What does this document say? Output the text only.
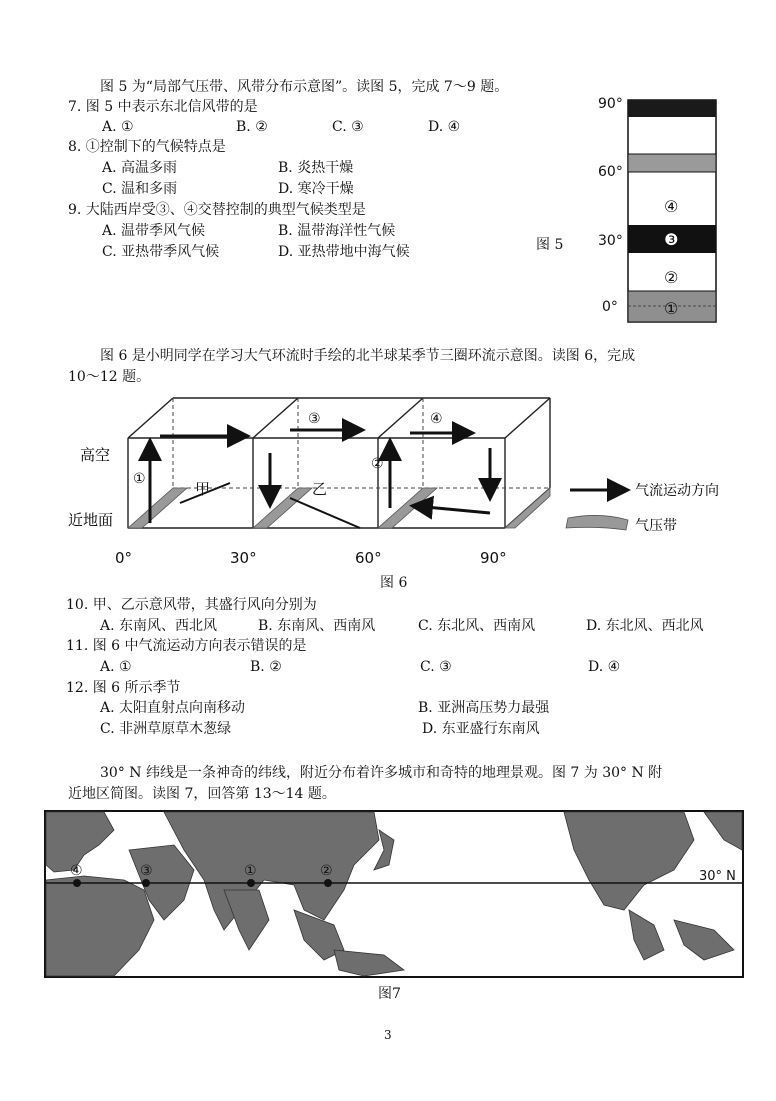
图 5 为“局部气压带、风带分布示意图”。读图 5，完成 7～9 题。
7. 图 5 中表示东北信风带的是
A. ①	B. ②	C. ③	D. ④
8. ①控制下的气候特点是
A. 高温多雨	B. 炎热干燥
C. 温和多雨	D. 寒冷干燥
9. 大陆西岸受③、④交替控制的典型气候类型是
A. 温带季风气候	B. 温带海洋性气候
C. 亚热带季风气候	D. 亚热带地中海气候	图 5
90°
60°
30°
0°
④
❸
②
①
图 6 是小明同学在学习大气环流时手绘的北半球某季节三圈环流示意图。读图 6，完成
10～12 题。
①
②
③	④
甲	乙
高空
近地面
0°	30°	60°	90°
气流运动方向
气压带
图 6
10. 甲、乙示意风带，其盛行风向分别为
A. 东南风、西北风	B. 东南风、西南风	C. 东北风、西南风	D. 东北风、西北风
11. 图 6 中气流运动方向表示错误的是
A. ①	B. ②	C. ③	D. ④
12. 图 6 所示季节
A. 太阳直射点向南移动	B. 亚洲高压势力最强
C. 非洲草原草木葱绿	D. 东亚盛行东南风
30° N 纬线是一条神奇的纬线，附近分布着许多城市和奇特的地理景观。图 7 为 30° N 附
近地区简图。读图 7，回答第 13～14 题。
30° N
④	③	①	②
图7
3
